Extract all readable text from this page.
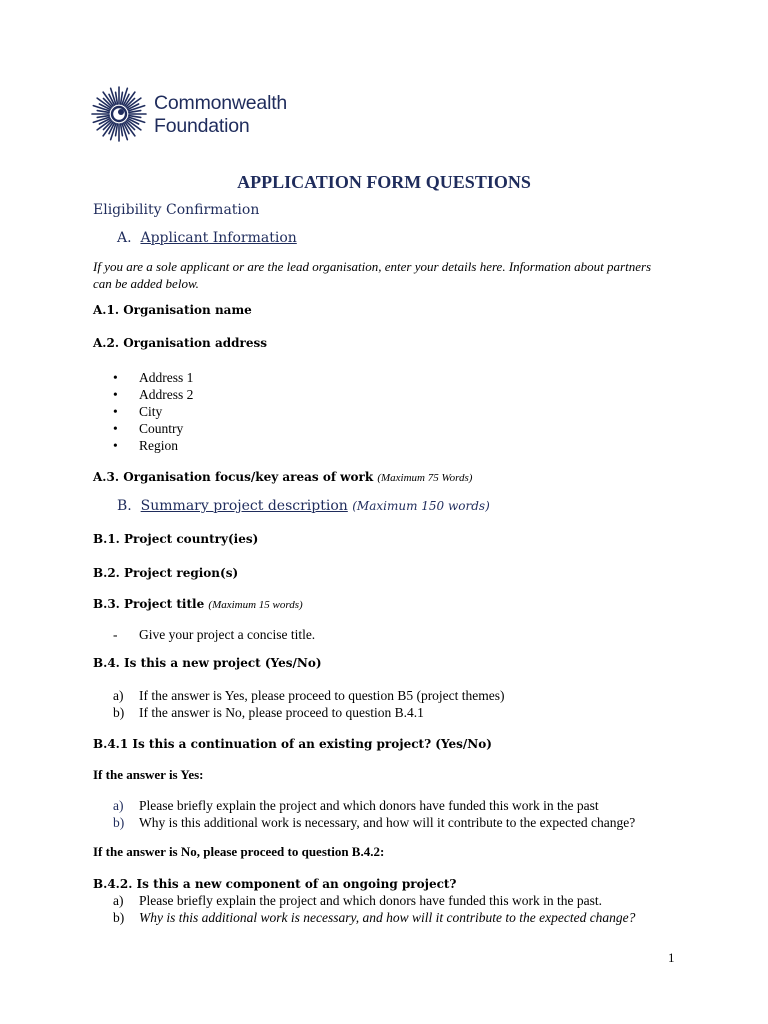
Commonwealth
Foundation
APPLICATION FORM QUESTIONS
Eligibility Confirmation
A. Applicant Information
If you are a sole applicant or are the lead organisation, enter your details here. Information about partners can be added below.
A.1. Organisation name
A.2. Organisation address
•	Address 1
•	Address 2
•	City
•	Country
•	Region
A.3. Organisation focus/key areas of work (Maximum 75 Words)
B. Summary project description (Maximum 150 words)
B.1. Project country(ies)
B.2. Project region(s)
B.3. Project title (Maximum 15 words)
-	Give your project a concise title.
B.4. Is this a new project (Yes/No)
a)	If the answer is Yes, please proceed to question B5 (project themes)
b)	If the answer is No, please proceed to question B.4.1
B.4.1 Is this a continuation of an existing project? (Yes/No)
If the answer is Yes:
a)	Please briefly explain the project and which donors have funded this work in the past
b)	Why is this additional work is necessary, and how will it contribute to the expected change?
If the answer is No, please proceed to question B.4.2:
B.4.2. Is this a new component of an ongoing project?
a)	Please briefly explain the project and which donors have funded this work in the past.
b)	Why is this additional work is necessary, and how will it contribute to the expected change?
1
